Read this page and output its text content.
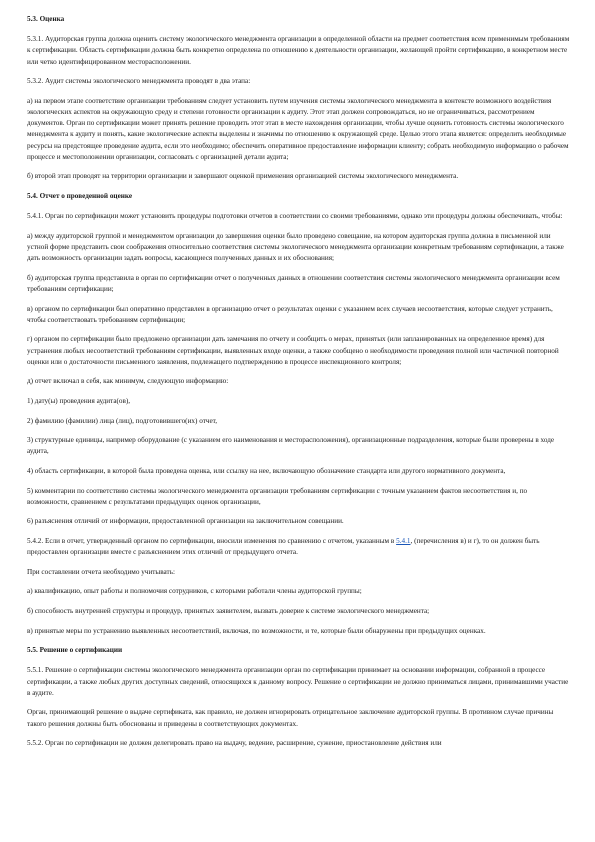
5.3. Оценка

5.3.1. Аудиторская группа должна оценить систему экологического менеджмента организации в определенной области на предмет соответствия всем применимым требованиям к сертификации. Область сертификации должна быть конкретно определена по отношению к деятельности организации, желающей пройти сертификацию, в конкретном месте или четко идентифицированном месторасположении.

5.3.2. Аудит системы экологического менеджмента проводят в два этапа:

а) на первом этапе соответствие организации требованиям следует установить путем изучения системы экологического менеджмента в контексте возможного воздействия экологических аспектов на окружающую среду и степени готовности организации к аудиту. Этот этап должен сопровождаться, но не ограничиваться, рассмотрением документов. Орган по сертификации может принять решение проводить этот этап в месте нахождения организации, чтобы лучше оценить готовность системы экологического менеджмента к аудиту и понять, какие экологические аспекты выделены и значимы по отношению к окружающей среде. Целью этого этапа является: определить необходимые ресурсы на предстоящее проведение аудита, если это необходимо; обеспечить оперативное предоставление информации клиенту; собрать необходимую информацию о рабочем процессе и местоположении организации, согласовать с организацией детали аудита;

б) второй этап проводят на территории организации и завершают оценкой применения организацией системы экологического менеджмента.

5.4. Отчет о проведенной оценке

5.4.1. Орган по сертификации может установить процедуры подготовки отчетов в соответствии со своими требованиями, однако эти процедуры должны обеспечивать, чтобы:

а) между аудиторской группой и менеджментом организации до завершения оценки было проведено совещание, на котором аудиторская группа должна в письменной или устной форме представить свои соображения относительно соответствия системы экологического менеджмента организации конкретным требованиям сертификации, а также дать возможность организации задать вопросы, касающиеся полученных данных и их обоснования;

б) аудиторская группа представила в орган по сертификации отчет о полученных данных в отношении соответствия системы экологического менеджмента организации всем требованиям сертификации;

в) органом по сертификации был оперативно представлен в организацию отчет о результатах оценки с указанием всех случаев несоответствия, которые следует устранить, чтобы соответствовать требованиям сертификации;

г) органом по сертификации было предложено организации дать замечания по отчету и сообщить о мерах, принятых (или запланированных на определенное время) для устранения любых несоответствий требованиям сертификации, выявленных входе оценки, а также сообщено о необходимости проведения полной или частичной повторной оценки или о достаточности письменного заявления, подлежащего подтверждению в процессе инспекционного контроля;

д) отчет включал в себя, как минимум, следующую информацию:

1) дату(ы) проведения аудита(ов),

2) фамилию (фамилии) лица (лиц), подготовившего(их) отчет,

3) структурные единицы, например оборудование (с указанием его наименования и месторасположения), организационные подразделения, которые были проверены в ходе аудита,

4) область сертификации, в которой была проведена оценка, или ссылку на нее, включающую обозначение стандарта или другого нормативного документа,

5) комментарии по соответствию системы экологического менеджмента организации требованиям сертификации с точным указанием фактов несоответствия и, по возможности, сравнением с результатами предыдущих оценок организации,

6) разъяснения отличий от информации, предоставленной организации на заключительном совещании.

5.4.2. Если в отчет, утвержденный органом по сертификации, вносили изменения по сравнению с отчетом, указанным в 5.4.1, (перечисления в) и г), то он должен быть предоставлен организации вместе с разъяснением этих отличий от предыдущего отчета.

При составлении отчета необходимо учитывать:

а) квалификацию, опыт работы и полномочия сотрудников, с которыми работали члены аудиторской группы;

б) способность внутренней структуры и процедур, принятых заявителем, вызвать доверие к системе экологического менеджмента;

в) принятые меры по устранению выявленных несоответствий, включая, по возможности, и те, которые были обнаружены при предыдущих оценках.

5.5. Решение о сертификации

5.5.1. Решение о сертификации системы экологического менеджмента организации орган по сертификации принимает на основании информации, собранной в процессе сертификации, а также любых других доступных сведений, относящихся к данному вопросу. Решение о сертификации не должно приниматься лицами, принимавшими участие в аудите.

Орган, принимающий решение о выдаче сертификата, как правило, не должен игнорировать отрицательное заключение аудиторской группы. В противном случае причины такого решения должны быть обоснованы и приведены в соответствующих документах.

5.5.2. Орган по сертификации не должен делегировать право на выдачу, ведение, расширение, сужение, приостановление действия или
